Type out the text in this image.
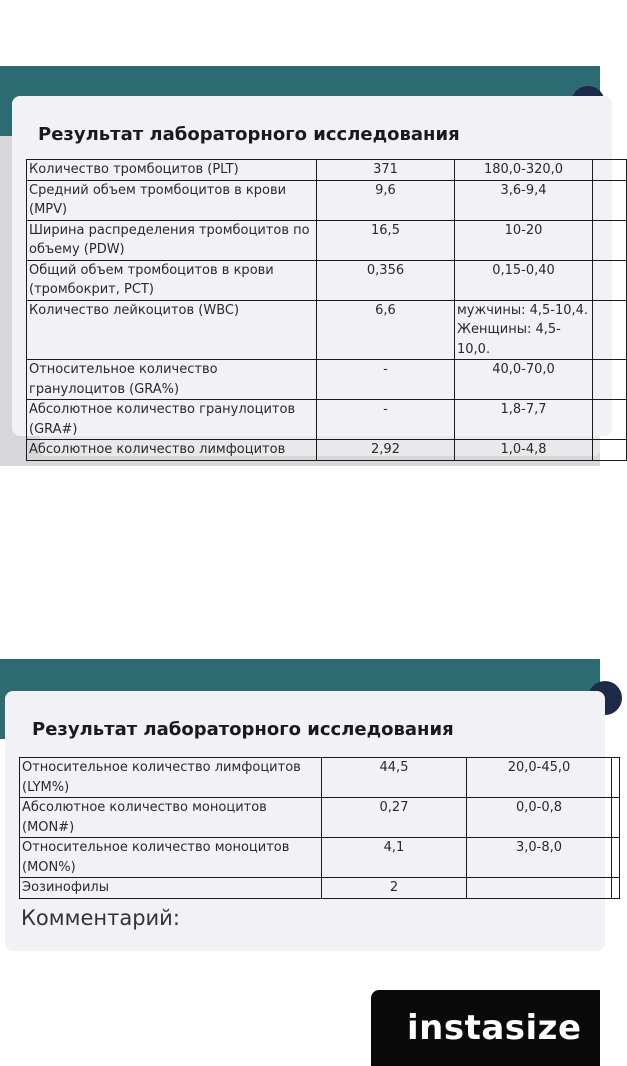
Результат лабораторного исследования
Количество тромбоцитов (PLT)	371	180,0-320,0	
Средний объем тромбоцитов в крови (MPV)	9,6	3,6-9,4	
Ширина распределения тромбоцитов по объему (PDW)	16,5	10-20	
Общий объем тромбоцитов в крови (тромбокрит, PCT)	0,356	0,15-0,40	
Количество лейкоцитов (WBC)	6,6	мужчины: 4,5-10,4. Женщины: 4,5-10,0.	
Относительное количество гранулоцитов (GRA%)	-	40,0-70,0	
Абсолютное количество гранулоцитов (GRA#)	-	1,8-7,7	
Абсолютное количество лимфоцитов	2,92	1,0-4,8	
Результат лабораторного исследования
Относительное количество лимфоцитов (LYM%)	44,5	20,0-45,0	
Абсолютное количество моноцитов (MON#)	0,27	0,0-0,8	
Относительное количество моноцитов (MON%)	4,1	3,0-8,0	
Эозинофилы	2		
Комментарий:
instasize
